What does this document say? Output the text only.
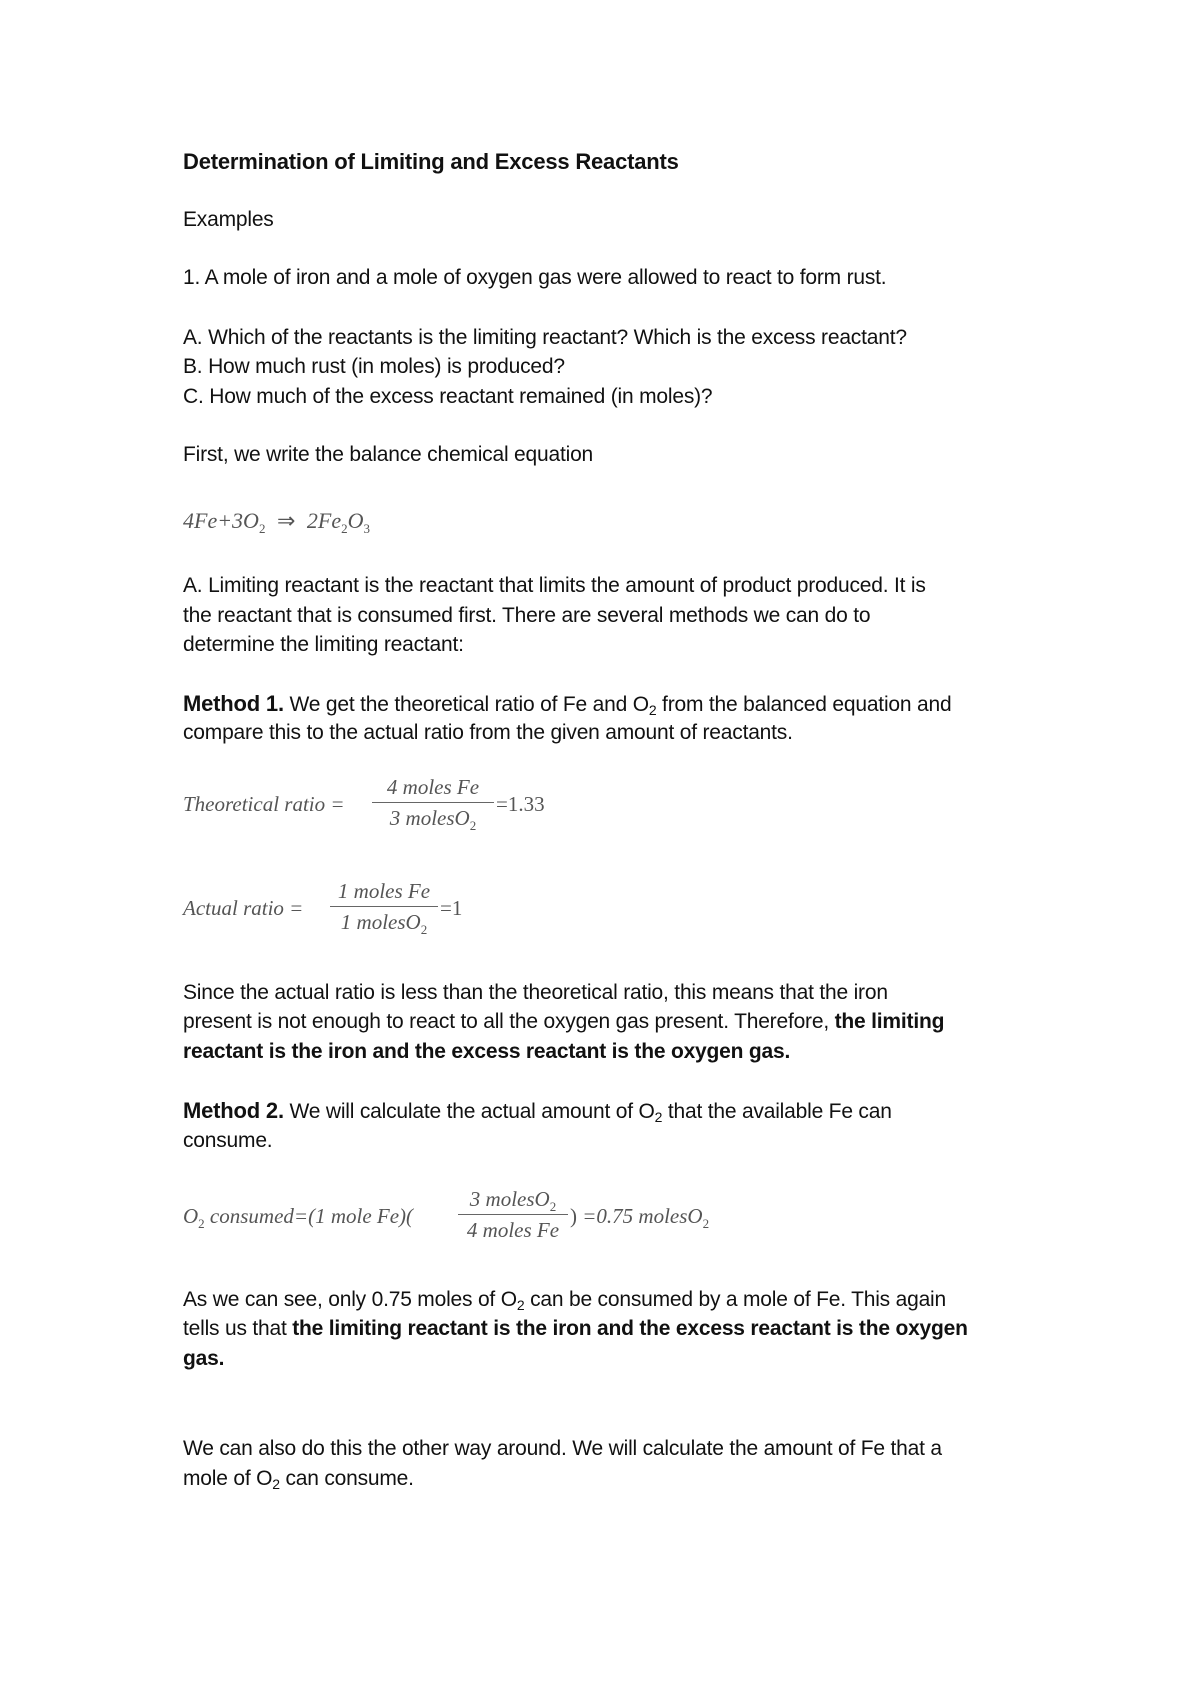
Determination of Limiting and Excess Reactants
Examples
1. A mole of iron and a mole of oxygen gas were allowed to react to form rust.
A. Which of the reactants is the limiting reactant? Which is the excess reactant?
B. How much rust (in moles) is produced?
C. How much of the excess reactant remained (in moles)?
First, we write the balance chemical equation
$4Fe+3O_2$ ⇒ $2Fe_2O_3$
A. Limiting reactant is the reactant that limits the amount of product produced. It is
the reactant that is consumed first. There are several methods we can do to
determine the limiting reactant:
Method 1. We get the theoretical ratio of Fe and $O_2$ from the balanced equation and
compare this to the actual ratio from the given amount of reactants.
Theoretical ratio =
4 moles Fe
3 molesO$_2$
=1.33
Actual ratio =
1 moles Fe
1 molesO$_2$
=1
Since the actual ratio is less than the theoretical ratio, this means that the iron
present is not enough to react to all the oxygen gas present. Therefore, the limiting
reactant is the iron and the excess reactant is the oxygen gas.
Method 2. We will calculate the actual amount of $O_2$ that the available Fe can
consume.
$O_2$ consumed=(1 mole Fe)(
3 molesO$_2$
4 moles Fe
) =0.75 molesO$_2$
As we can see, only 0.75 moles of $O_2$ can be consumed by a mole of Fe. This again
tells us that the limiting reactant is the iron and the excess reactant is the oxygen
gas.
We can also do this the other way around. We will calculate the amount of Fe that a
mole of $O_2$ can consume.
